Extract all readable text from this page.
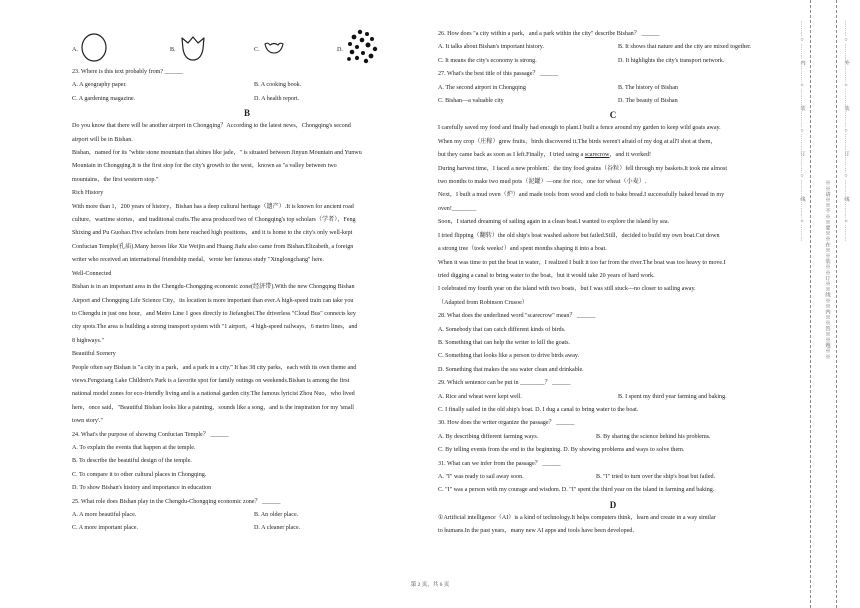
A.	B.	C.	D.

23. Where is this text probably from? ______

A. A geography paper.	B. A cooking book.
C. A gardening magazine.	D. A health report.
B

Do you know that there will be another airport in Chongqing？According to the latest news，Chongqing's second

airport will be in Bishan.

Bishan，named for its "white stone mountain that shines like jade，" is situated between Jinyun Mountain and Yunwu

Mountain in Chongqing.It is the first stop for the city's growth to the west，known as "a valley between two

mountains，the first western stop."

Rich History

With more than 1，200 years of history，Bishan has a deep cultural heritage（遗产）.It is known for ancient road

culture，wartime stories，and traditional crafts.The area produced two of Chongqing's top scholars（学者），Feng

Shixing and Pu Guohao.Five scholars from here reached high positions，and it is home to the city's only well-kept

Confucian Temple(孔庙).Many heroes like Xie Weijin and Huang Jiafu also came from Bishan.Elizabeth, a foreign

writer who received an international friendship medal，wrote her famous study "Xinglongchang" here.

Well-Connected

Bishan is in an important area in the Chengdu-Chongqing economic zone(经济带).With the new Chongqing Bishan

Airport and Chongqing Life Science City，its location is more important than ever.A high-speed train can take you

to Chengdu in just one hour，and Metro Line 1 goes directly to Jiefangbei.The driverless "Cloud Bus" connects key

city spots.The area is building a strong transport system with "1 airport，4 high-speed railways，6 metro lines，and

8 highways."

Beautiful Scenery

People often say Bishan is "a city in a park，and a park in a city." It has 38 city parks，each with its own theme and

views.Fengxiang Lake Children's Park is a favorite spot for family outings on weekends.Bishan is among the first

national model zones for eco-friendly living and is a national garden city.The famous lyricist Zhou Nuo，who lived

here，once said，"Beautiful Bishan looks like a painting，sounds like a song，and is the inspiration for my 'small

town story'."

24. What's the purpose of showing Confucian Temple？ ______

A. To explain the events that happen at the temple.

B. To describe the beautiful design of the temple.

C. To compare it to other cultural places in Chongqing.

D. To show Bishan's history and importance in education

25. What role does Bishan play in the Chengdu-Chongqing economic zone？ ______

A. A more beautiful place.	B. An older place.
C. A more important place.	D. A cleaner place.

26. How does "a city within a park，and a park within the city" describe Bishan？ ______

A. It talks about Bishan's important history.	B. It shows that nature and the city are mixed together.
C. It means the city's economy is strong.	D. It highlights the city's transport network.

27. What's the best title of this passage？ ______

A. The second airport in Chongqing	B. The history of Bishan
C. Bishan—a valuable city	D. The beauty of Bishan
C

I carefully saved my food and finally had enough to plant.I built a fence around my garden to keep wild goats away.

When my crop（庄稼）grew fruits，birds discovered it.The birds weren't afraid of my dog at all'I shot at them，

but they came back as soon as I left.Finally，I tried using a scarecrow，and it worked!

During harvest time，I faced a new problem：the tiny food grains（谷粒）fell through my baskets.It took me almost

two months to make two mud pots（泥罐）—one for rice，one for wheat（小麦）.

Next，I built a mud oven（炉）and made tools from wood and cloth to bake bread.I successfully baked bread in my

oven!________

Soon，I started dreaming of sailing again in a clean boat.I wanted to explore the island by sea.

I tried flipping（翻转）the old ship's boat washed ashore but failed.Still，decided to build my own boat.Cut down

a strong tree（took weeks!）and spent months shaping it into a boat.

When it was time to put the boat in water，I realized I built it too far from the river.The boat was too heavy to move.I

tried digging a canal to bring water to the boat，but it would take 20 years of hard work.

I celebrated my fourth year on the island with two boats，but I was still stuck—no closer to sailing away.

（Adapted from Robinson Crusoe）

28. What does the underlined word "scarecrow" mean？ ______

A. Somebody that can catch different kinds of birds.

B. Something that can help the writer to kill the goats.

C. Something that looks like a person to drive birds away.

D. Something that makes the sea water clean and drinkable.

29. Which sentence can be put in ________？ ______

A. Rice and wheat were kept well.	B. I spent my third year farming and baking.
C. I finally sailed in the old ship's boat.
D. I dug a canal to bring water to the boat.

30. How does the writer organize the passage？ ______

A. By describing different farming ways.	B. By sharing the science behind his problems.
C. By telling events from the end to the beginning.
D. By showing problems and ways to solve them.

31. What can we infer from the passage？ ______

A. "I" was ready to sail away soon.	B. "I" tried to turn over the ship's boat but failed.
C. "I" was a person with my courage and wisdom.
D. "I" spent the third year on the island in farming and baking.
D

①Artificial intelligence（AI）is a kind of technology.It helps computers think，learn and create in a way similar

to humans.In the past years，many new AI apps and tools have been developed.

第 2 页，共 6 页
………○………内………○………装………○………订………○………线………○………
※※请※※不※※要※※在※※装※※订※※线※※内※※答※※题※※
………○………外………○………装………○………订………○………线………○………
